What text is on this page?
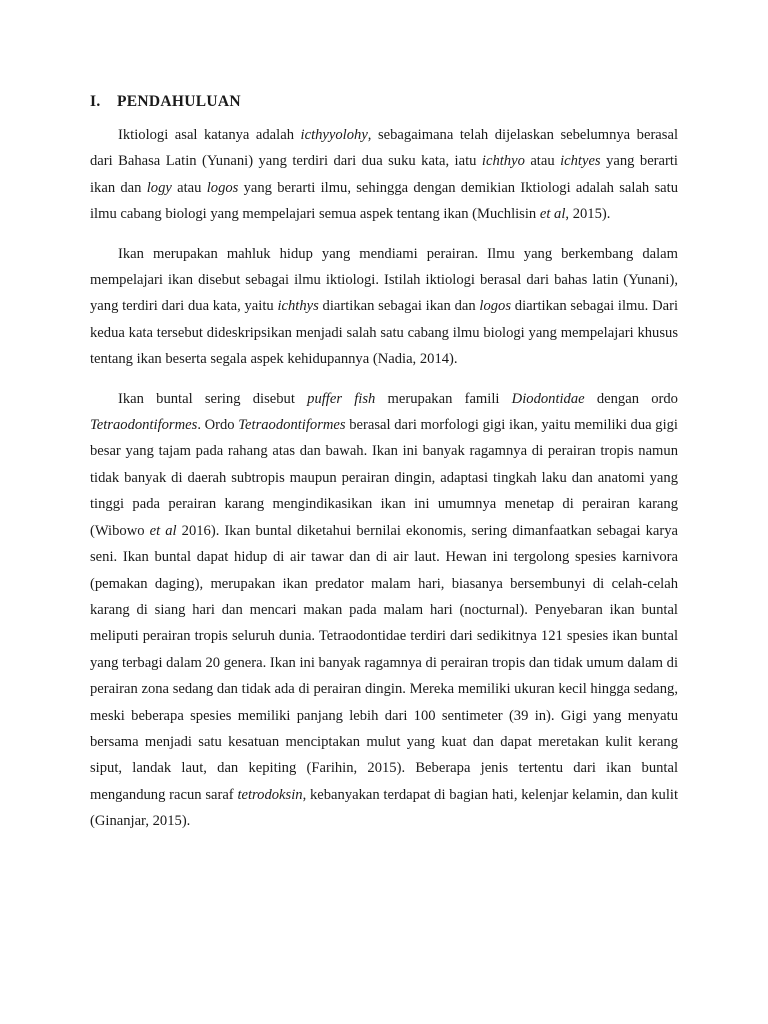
I. PENDAHULUAN

Iktiologi asal katanya adalah icthyyolohy, sebagaimana telah dijelaskan sebelumnya berasal dari Bahasa Latin (Yunani) yang terdiri dari dua suku kata, iatu ichthyo atau ichtyes yang berarti ikan dan logy atau logos yang berarti ilmu, sehingga dengan demikian Iktiologi adalah salah satu ilmu cabang biologi yang mempelajari semua aspek tentang ikan (Muchlisin et al, 2015).

Ikan merupakan mahluk hidup yang mendiami perairan. Ilmu yang berkembang dalam mempelajari ikan disebut sebagai ilmu iktiologi. Istilah iktiologi berasal dari bahas latin (Yunani), yang terdiri dari dua kata, yaitu ichthys diartikan sebagai ikan dan logos diartikan sebagai ilmu. Dari kedua kata tersebut dideskripsikan menjadi salah satu cabang ilmu biologi yang mempelajari khusus tentang ikan beserta segala aspek kehidupannya (Nadia, 2014).

Ikan buntal sering disebut puffer fish merupakan famili Diodontidae dengan ordo Tetraodontiformes. Ordo Tetraodontiformes berasal dari morfologi gigi ikan, yaitu memiliki dua gigi besar yang tajam pada rahang atas dan bawah. Ikan ini banyak ragamnya di perairan tropis namun tidak banyak di daerah subtropis maupun perairan dingin, adaptasi tingkah laku dan anatomi yang tinggi pada perairan karang mengindikasikan ikan ini umumnya menetap di perairan karang (Wibowo et al 2016). Ikan buntal diketahui bernilai ekonomis, sering dimanfaatkan sebagai karya seni. Ikan buntal dapat hidup di air tawar dan di air laut. Hewan ini tergolong spesies karnivora (pemakan daging), merupakan ikan predator malam hari, biasanya bersembunyi di celah-celah karang di siang hari dan mencari makan pada malam hari (nocturnal). Penyebaran ikan buntal meliputi perairan tropis seluruh dunia. Tetraodontidae terdiri dari sedikitnya 121 spesies ikan buntal yang terbagi dalam 20 genera. Ikan ini banyak ragamnya di perairan tropis dan tidak umum dalam di perairan zona sedang dan tidak ada di perairan dingin. Mereka memiliki ukuran kecil hingga sedang, meski beberapa spesies memiliki panjang lebih dari 100 sentimeter (39 in). Gigi yang menyatu bersama menjadi satu kesatuan menciptakan mulut yang kuat dan dapat meretakan kulit kerang siput, landak laut, dan kepiting (Farihin, 2015). Beberapa jenis tertentu dari ikan buntal mengandung racun saraf tetrodoksin, kebanyakan terdapat di bagian hati, kelenjar kelamin, dan kulit (Ginanjar, 2015).
